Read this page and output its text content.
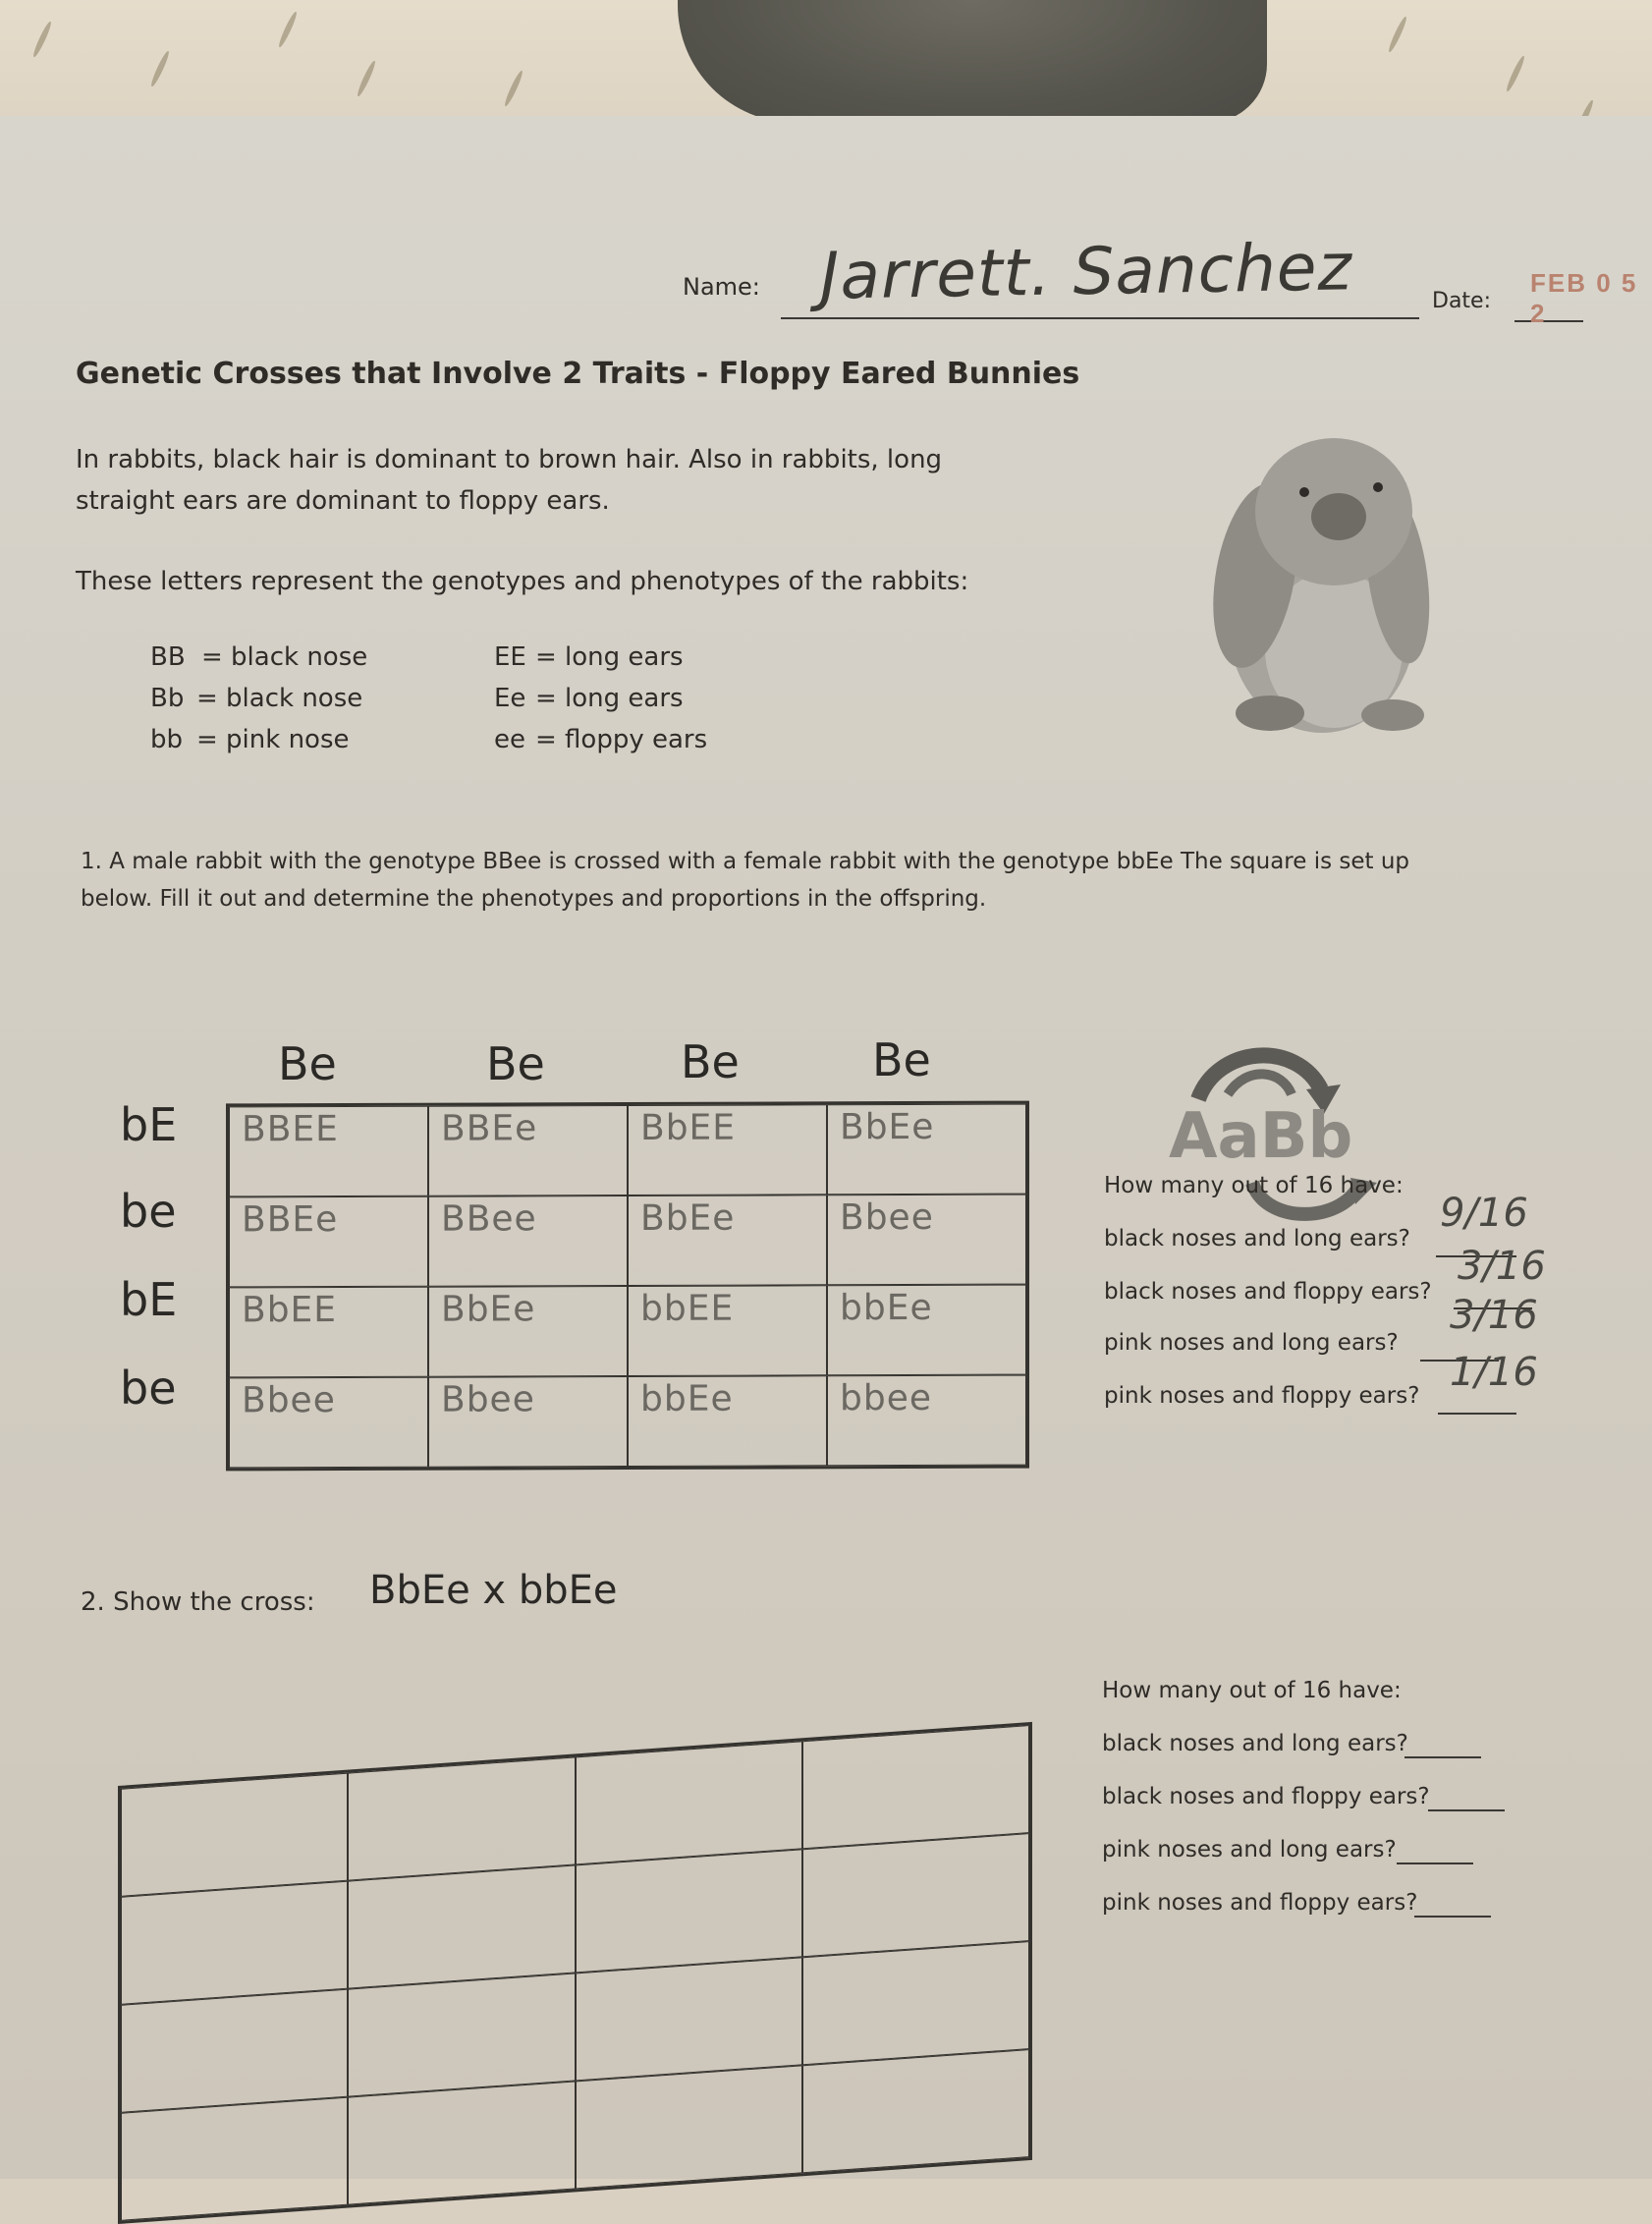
Name: Jarrett. Sanchez	Date:
FEB 0 5 2
Genetic Crosses that Involve 2 Traits - Floppy Eared Bunnies
In rabbits, black hair is dominant to brown hair. Also in rabbits, long
straight ears are dominant to floppy ears.
These letters represent the genotypes and phenotypes of the rabbits:
BB = black nose
Bb = black nose
bb = pink nose
EE = long ears
Ee = long ears
ee = floppy ears
1. A male rabbit with the genotype BBee is crossed with a female rabbit with the genotype bbEe The square is set up
below. Fill it out and determine the phenotypes and proportions in the offspring.
AaBb
Be	Be	Be	Be
bE
be
bE
be
BBEE	BBEe	BbEE	BbEe
BBEe	BBee	BbEe	Bbee
BbEE	BbEe	bbEE	bbEe
Bbee	Bbee	bbEe	bbee
How many out of 16 have:
black noses and long ears?
9/16
black noses and floppy ears?
3/16
pink noses and long ears?
3/16
pink noses and floppy ears?
1/16
2. Show the cross: BbEe x bbEe
How many out of 16 have:
black noses and long ears?
black noses and floppy ears?
pink noses and long ears?
pink noses and floppy ears?
